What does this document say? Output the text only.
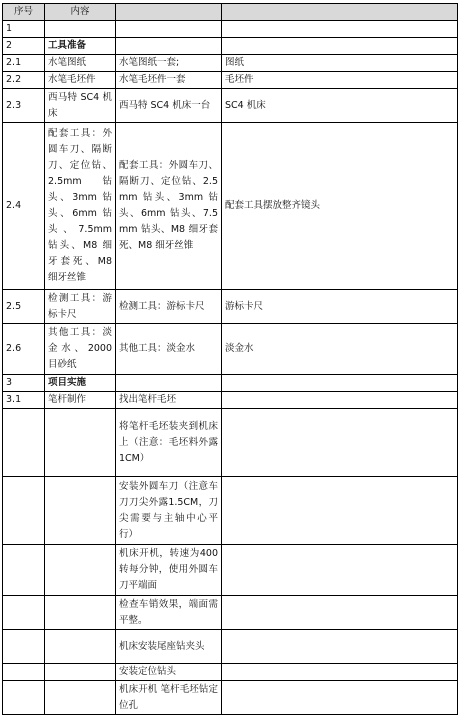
序号	内容		
1			
2	工具准备		
2.1	水笔图纸	水笔图纸一套;	图纸
2.2	水笔毛坯件	水笔毛坯件一套	毛坯件
2.3	西马特 SC4 机床	西马特 SC4 机床一台	SC4 机床
2.4	配套工具：外圆车刀、隔断刀、定位钻、2.5mm 钻头、3mm 钻头、6mm 钻头、7.5mm 钻头、M8 细牙套死、M8 细牙丝锥	配套工具：外圆车刀、隔断刀、定位钻、2.5mm 钻头、3mm 钻头、6mm 钻头、7.5mm 钻头、M8 细牙套死、M8 细牙丝锥	配套工具摆放整齐镜头
2.5	检测工具：游标卡尺	检测工具：游标卡尺	游标卡尺
2.6	其他工具：淡金水、2000 目砂纸	其他工具：淡金水	淡金水
3	项目实施		
3.1	笔杆制作	找出笔杆毛坯	
		将笔杆毛坯装夹到机床上（注意：毛坯料外露1CM）	
		安装外圆车刀（注意车刀刀尖外露1.5CM，刀尖需要与主轴中心平行）	
		机床开机，转速为400 转每分钟，使用外圆车刀平端面	
		检查车销效果，端面需平整。	
		机床安装尾座钻夹头	
		安装定位钻头	
		机床开机 笔杆毛坯钻定位孔	
